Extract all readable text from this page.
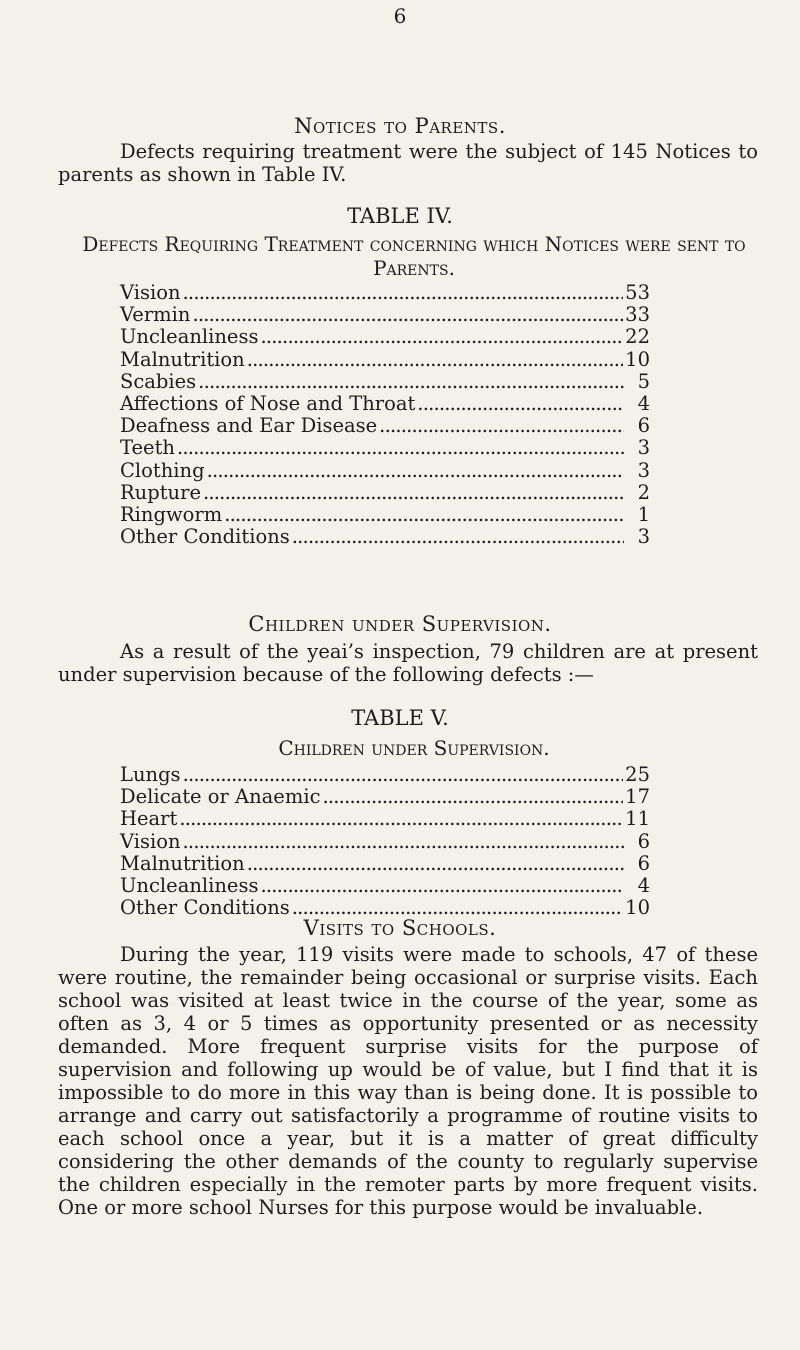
6
Notices to Parents.

Defects requiring treatment were the subject of 145 Notices to parents as shown in Table IV.

TABLE IV.
Defects Requiring Treatment concerning which Notices were sent to Parents.
Vision . . .	53
Vermin . . .	33
Uncleanliness . . .	22
Malnutrition . . .	10
Scabies . . .	5
Affections of Nose and Throat . . .	4
Deafness and Ear Disease . . .	6
Teeth . . .	3
Clothing . . .	3
Rupture . . .	2
Ringworm . . .	1
Other Conditions . . .	3
Children under Supervision.

As a result of the yeai’s inspection, 79 children are at present under supervision because of the following defects :—

TABLE V.
Children under Supervision.
Lungs . . .	25
Delicate or Anaemic . . .	17
Heart . . .	11
Vision . . .	6
Malnutrition . . .	6
Uncleanliness . . .	4
Other Conditions . . .	10
Visits to Schools.

During the year, 119 visits were made to schools, 47 of these were routine, the remainder being occasional or surprise visits. Each school was visited at least twice in the course of the year, some as often as 3, 4 or 5 times as opportunity presented or as necessity demanded. More frequent surprise visits for the purpose of supervision and following up would be of value, but I find that it is impossible to do more in this way than is being done. It is possible to arrange and carry out satisfactorily a programme of routine visits to each school once a year, but it is a matter of great difficulty considering the other demands of the county to regularly supervise the children especially in the remoter parts by more frequent visits. One or more school Nurses for this purpose would be invaluable.
